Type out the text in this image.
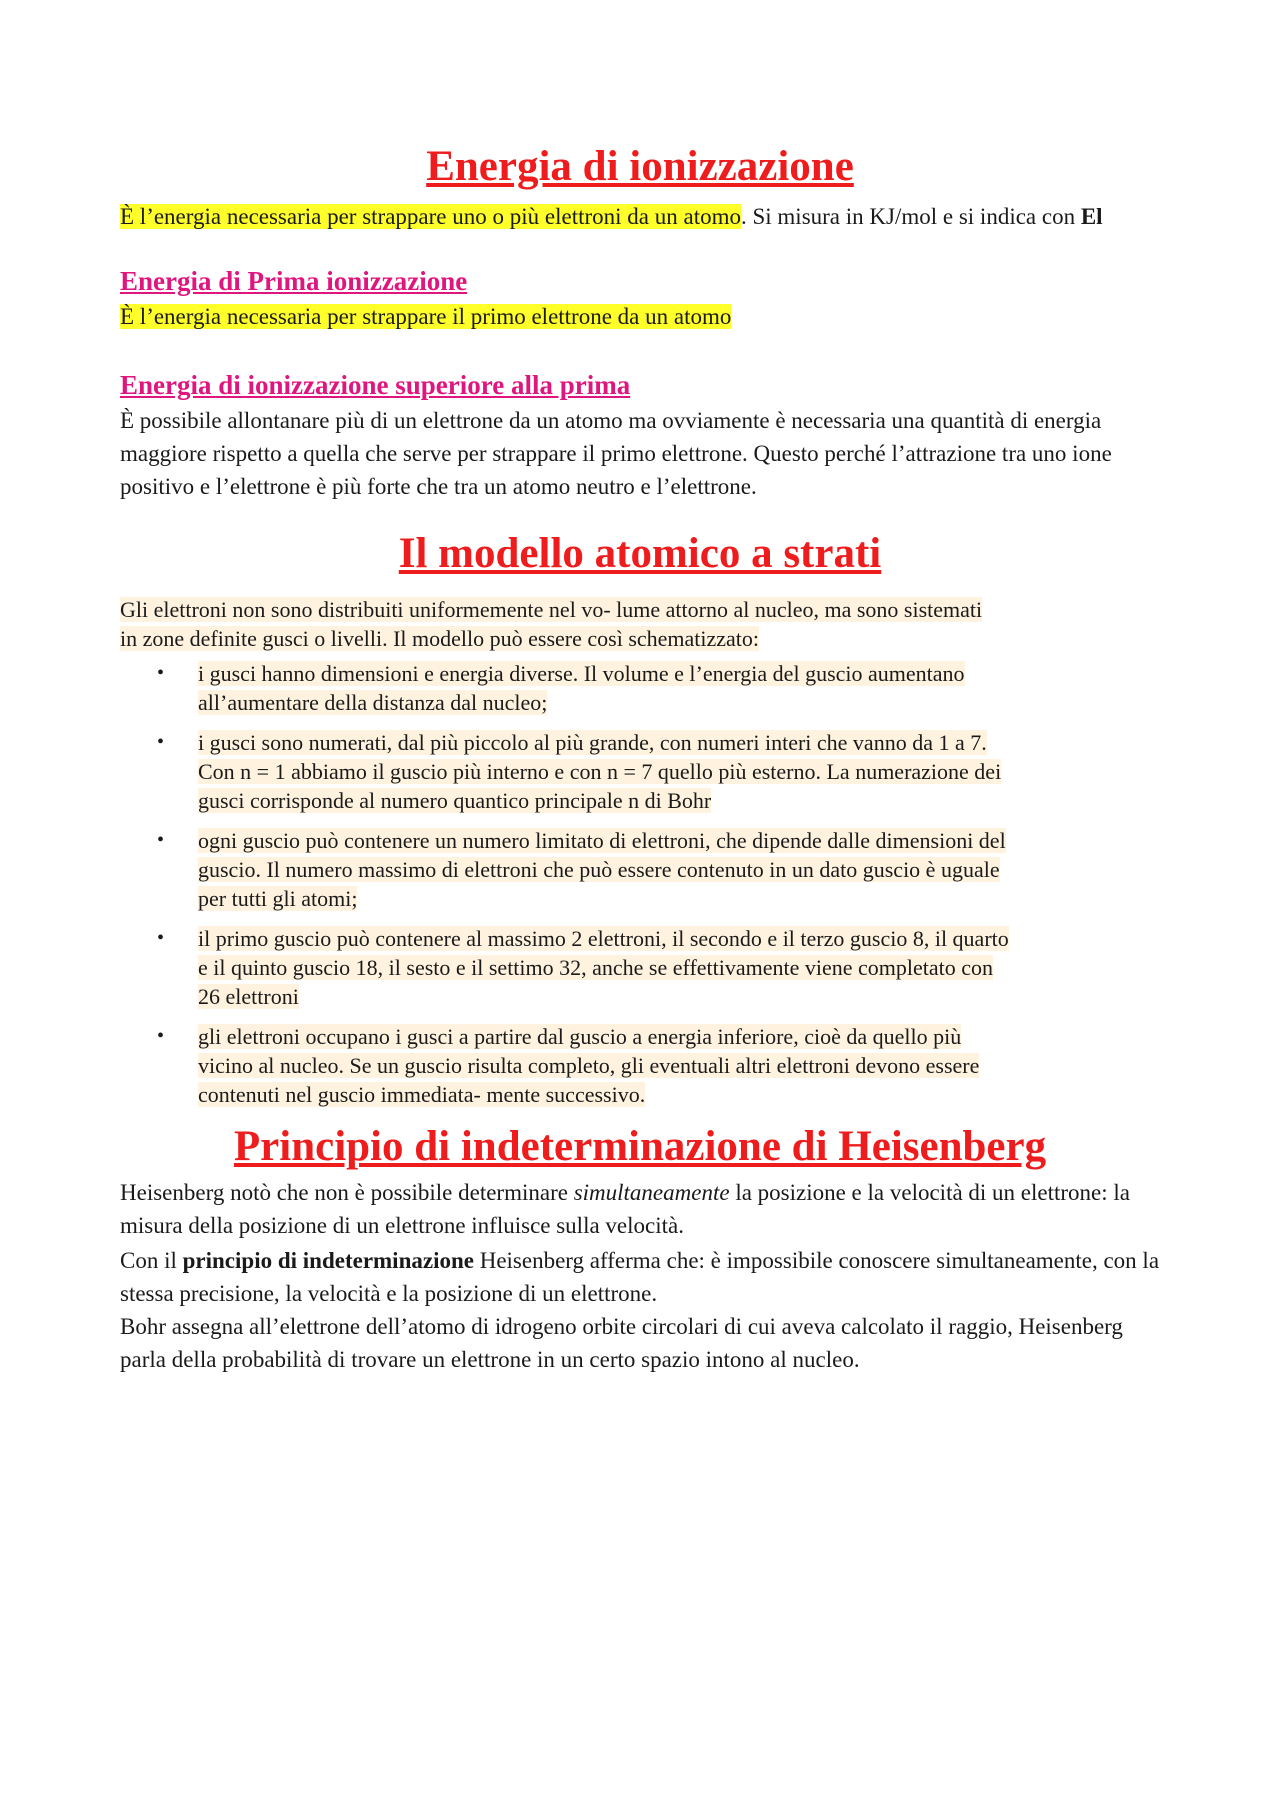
Energia di ionizzazione

È l’energia necessaria per strappare uno o più elettroni da un atomo. Si misura in KJ/mol e si indica con El

Energia di Prima ionizzazione

È l’energia necessaria per strappare il primo elettrone da un atomo

Energia di ionizzazione superiore alla prima

È possibile allontanare più di un elettrone da un atomo ma ovviamente è necessaria una quantità di energia maggiore rispetto a quella che serve per strappare il primo elettrone. Questo perché l’attrazione tra uno ione positivo e l’elettrone è più forte che tra un atomo neutro e l’elettrone.

Il modello atomico a strati
Gli elettroni non sono distribuiti uniformemente nel vo- lume attorno al nucleo, ma sono sistemati
in zone definite gusci o livelli. Il modello può essere così schematizzato:
• i gusci hanno dimensioni e energia diverse. Il volume e l’energia del guscio aumentano
all’aumentare della distanza dal nucleo;
• i gusci sono numerati, dal più piccolo al più grande, con numeri interi che vanno da 1 a 7.
Con n = 1 abbiamo il guscio più interno e con n = 7 quello più esterno. La numerazione dei
gusci corrisponde al numero quantico principale n di Bohr
• ogni guscio può contenere un numero limitato di elettroni, che dipende dalle dimensioni del
guscio. Il numero massimo di elettroni che può essere contenuto in un dato guscio è uguale
per tutti gli atomi;
• il primo guscio può contenere al massimo 2 elettroni, il secondo e il terzo guscio 8, il quarto
e il quinto guscio 18, il sesto e il settimo 32, anche se effettivamente viene completato con
26 elettroni
• gli elettroni occupano i gusci a partire dal guscio a energia inferiore, cioè da quello più
vicino al nucleo. Se un guscio risulta completo, gli eventuali altri elettroni devono essere
contenuti nel guscio immediata- mente successivo.
Principio di indeterminazione di Heisenberg

Heisenberg notò che non è possibile determinare simultaneamente la posizione e la velocità di un elettrone: la misura della posizione di un elettrone influisce sulla velocità.

Con il principio di indeterminazione Heisenberg afferma che: è impossibile conoscere simultaneamente, con la stessa precisione, la velocità e la posizione di un elettrone.

Bohr assegna all’elettrone dell’atomo di idrogeno orbite circolari di cui aveva calcolato il raggio, Heisenberg parla della probabilità di trovare un elettrone in un certo spazio intono al nucleo.
